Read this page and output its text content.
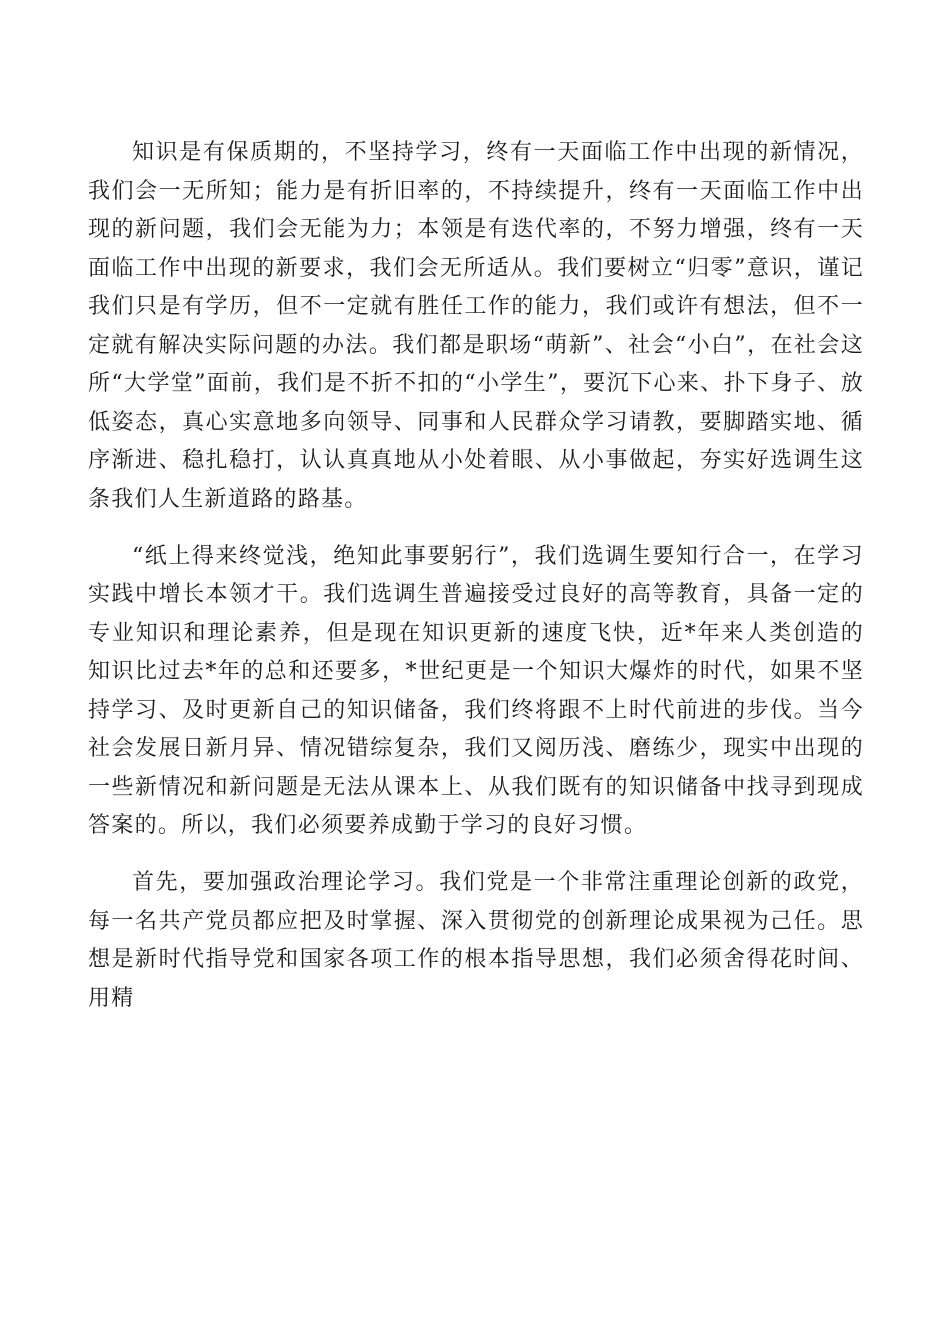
知识是有保质期的，不坚持学习，终有一天面临工作中出现的新情况，我们会一无所知；能力是有折旧率的，不持续提升，终有一天面临工作中出现的新问题，我们会无能为力；本领是有迭代率的，不努力增强，终有一天面临工作中出现的新要求，我们会无所适从。我们要树立“归零”意识，谨记我们只是有学历，但不一定就有胜任工作的能力，我们或许有想法，但不一定就有解决实际问题的办法。我们都是职场“萌新”、社会“小白”，在社会这所“大学堂”面前，我们是不折不扣的“小学生”，要沉下心来、扑下身子、放低姿态，真心实意地多向领导、同事和人民群众学习请教，要脚踏实地、循序渐进、稳扎稳打，认认真真地从小处着眼、从小事做起，夯实好选调生这条我们人生新道路的路基。

“纸上得来终觉浅，绝知此事要躬行”，我们选调生要知行合一，在学习实践中增长本领才干。我们选调生普遍接受过良好的高等教育，具备一定的专业知识和理论素养，但是现在知识更新的速度飞快，近*年来人类创造的知识比过去*年的总和还要多，*世纪更是一个知识大爆炸的时代，如果不坚持学习、及时更新自己的知识储备，我们终将跟不上时代前进的步伐。当今社会发展日新月异、情况错综复杂，我们又阅历浅、磨练少，现实中出现的一些新情况和新问题是无法从课本上、从我们既有的知识储备中找寻到现成答案的。所以，我们必须要养成勤于学习的良好习惯。

首先，要加强政治理论学习。我们党是一个非常注重理论创新的政党，每一名共产党员都应把及时掌握、深入贯彻党的创新理论成果视为己任。思想是新时代指导党和国家各项工作的根本指导思想，我们必须舍得花时间、用精
